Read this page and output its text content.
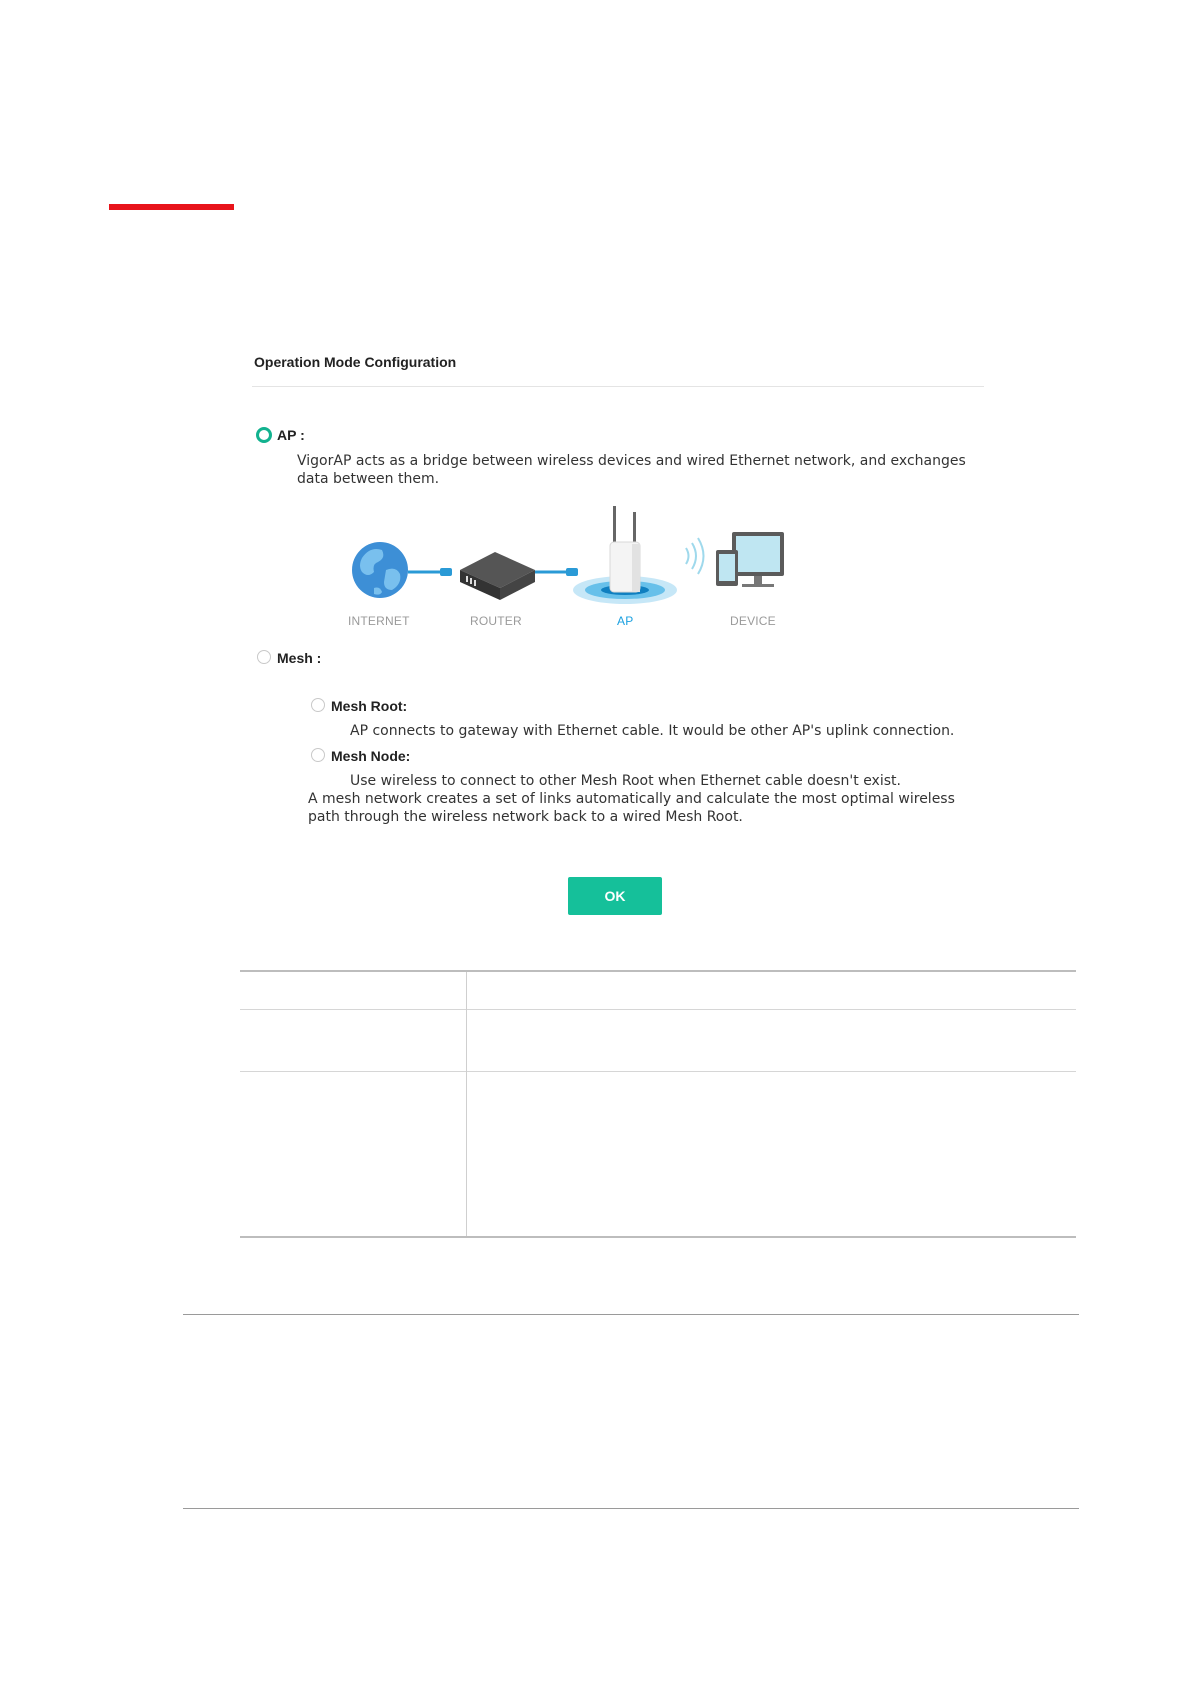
Operation Mode Configuration
AP :
VigorAP acts as a bridge between wireless devices and wired Ethernet network, and exchanges
data between them.
INTERNET	ROUTER	AP	DEVICE
Mesh :
Mesh Root:
AP connects to gateway with Ethernet cable. It would be other AP's uplink connection.
Mesh Node:
Use wireless to connect to other Mesh Root when Ethernet cable doesn't exist.
A mesh network creates a set of links automatically and calculate the most optimal wireless
path through the wireless network back to a wired Mesh Root.
OK
